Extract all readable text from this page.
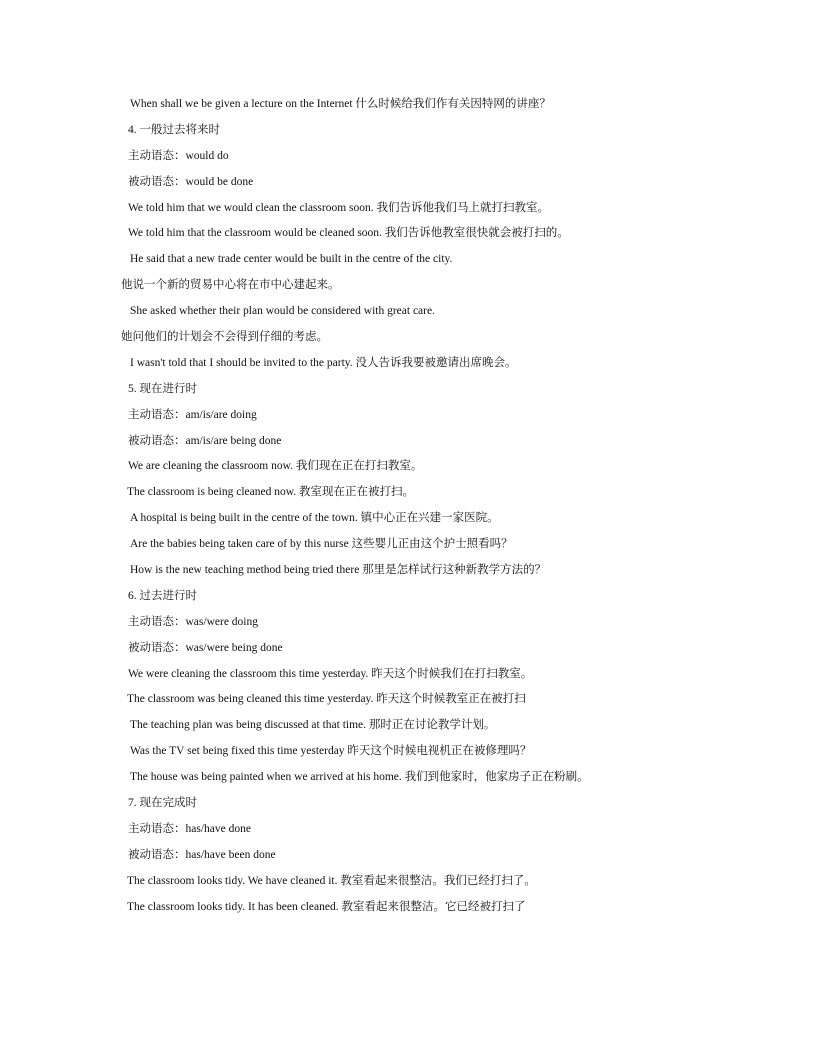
When shall we be given a lecture on the Internet 什么时候给我们作有关因特网的讲座？
4. 一般过去将来时
主动语态：would do
被动语态：would be done
We told him that we would clean the classroom soon. 我们告诉他我们马上就打扫教室。
We told him that the classroom would be cleaned soon. 我们告诉他教室很快就会被打扫的。
He said that a new trade center would be built in the centre of the city.
他说一个新的贸易中心将在市中心建起来。
She asked whether their plan would be considered with great care.
她问他们的计划会不会得到仔细的考虑。
I wasn't told that I should be invited to the party. 没人告诉我要被邀请出席晚会。
5. 现在进行时
主动语态：am/is/are doing
被动语态：am/is/are being done
We are cleaning the classroom now. 我们现在正在打扫教室。
The classroom is being cleaned now. 教室现在正在被打扫。
A hospital is being built in the centre of the town. 镇中心正在兴建一家医院。
Are the babies being taken care of by this nurse 这些婴儿正由这个护士照看吗？
How is the new teaching method being tried there 那里是怎样试行这种新教学方法的？
6. 过去进行时
主动语态：was/were doing
被动语态：was/were being done
We were cleaning the classroom this time yesterday. 昨天这个时候我们在打扫教室。
The classroom was being cleaned this time yesterday. 昨天这个时候教室正在被打扫
The teaching plan was being discussed at that time. 那时正在讨论教学计划。
Was the TV set being fixed this time yesterday 昨天这个时候电视机正在被修理吗？
The house was being painted when we arrived at his home. 我们到他家时，他家房子正在粉刷。
7. 现在完成时
主动语态：has/have done
被动语态：has/have been done
The classroom looks tidy. We have cleaned it. 教室看起来很整洁。我们已经打扫了。
The classroom looks tidy. It has been cleaned. 教室看起来很整洁。它已经被打扫了
